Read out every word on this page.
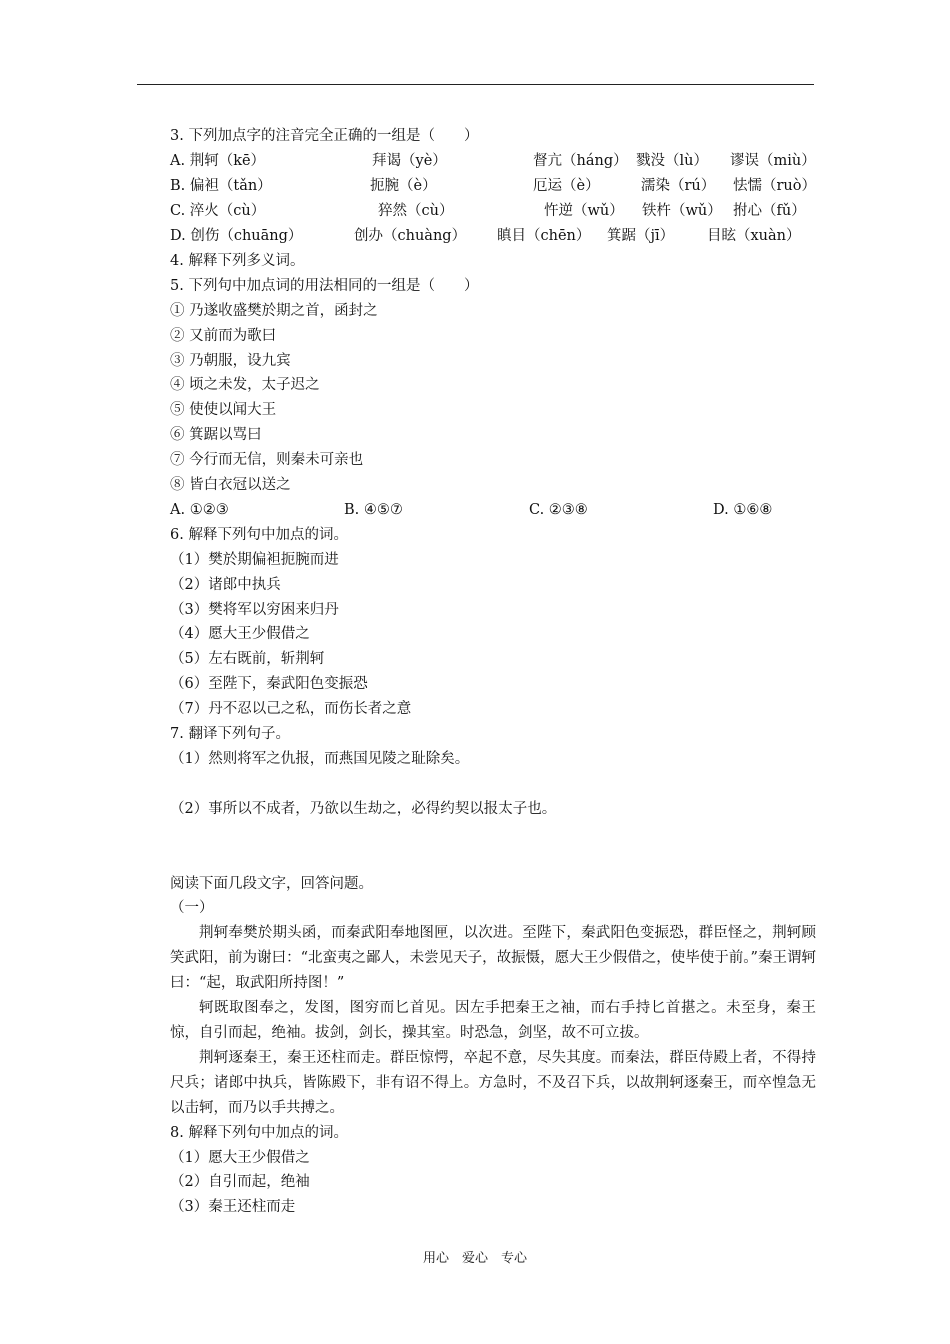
3. 下列加点字的注音完全正确的一组是（　　）
A. 荆轲（kē）	拜谒（yè）	督亢（háng） 戮没（lù） 谬误（miù）
B. 偏袒（tǎn）	扼腕（è）	厄运（è）	濡染（rú） 怯懦（ruò）
C. 淬火（cù）	猝然（cù）	忤逆（wǔ） 铁杵（wǔ） 拊心（fǔ）
D. 创伤（chuāng）	创办（chuàng） 瞋目（chēn） 箕踞（jī） 目眩（xuàn）
4. 解释下列多义词。
5. 下列句中加点词的用法相同的一组是（　　）
① 乃遂收盛樊於期之首，函封之
② 又前而为歌曰
③ 乃朝服，设九宾
④ 顷之未发，太子迟之
⑤ 使使以闻大王
⑥ 箕踞以骂曰
⑦ 今行而无信，则秦未可亲也
⑧ 皆白衣冠以送之
A. ①②③	B. ④⑤⑦	C. ②③⑧	D. ①⑥⑧
6. 解释下列句中加点的词。
（1）樊於期偏袒扼腕而进
（2）诸郎中执兵
（3）樊将军以穷困来归丹
（4）愿大王少假借之
（5）左右既前，斩荆轲
（6）至陛下，秦武阳色变振恐
（7）丹不忍以己之私，而伤长者之意
7. 翻译下列句子。
（1）然则将军之仇报，而燕国见陵之耻除矣。
（2）事所以不成者，乃欲以生劫之，必得约契以报太子也。
阅读下面几段文字，回答问题。
（一）
荆轲奉樊於期头函，而秦武阳奉地图匣，以次进。至陛下，秦武阳色变振恐，群臣怪之，荆轲顾笑武阳，前为谢曰：“北蛮夷之鄙人，未尝见天子，故振慑，愿大王少假借之，使毕使于前。”秦王谓轲曰：“起，取武阳所持图！”
轲既取图奉之，发图，图穷而匕首见。因左手把秦王之袖，而右手持匕首揕之。未至身，秦王惊，自引而起，绝袖。拔剑，剑长，操其室。时恐急，剑坚，故不可立拔。
荆轲逐秦王，秦王还柱而走。群臣惊愕，卒起不意，尽失其度。而秦法，群臣侍殿上者，不得持尺兵；诸郎中执兵，皆陈殿下，非有诏不得上。方急时，不及召下兵，以故荆轲逐秦王，而卒惶急无以击轲，而乃以手共搏之。
8. 解释下列句中加点的词。
（1）愿大王少假借之
（2）自引而起，绝袖
（3）秦王还柱而走
用心　爱心　专心
